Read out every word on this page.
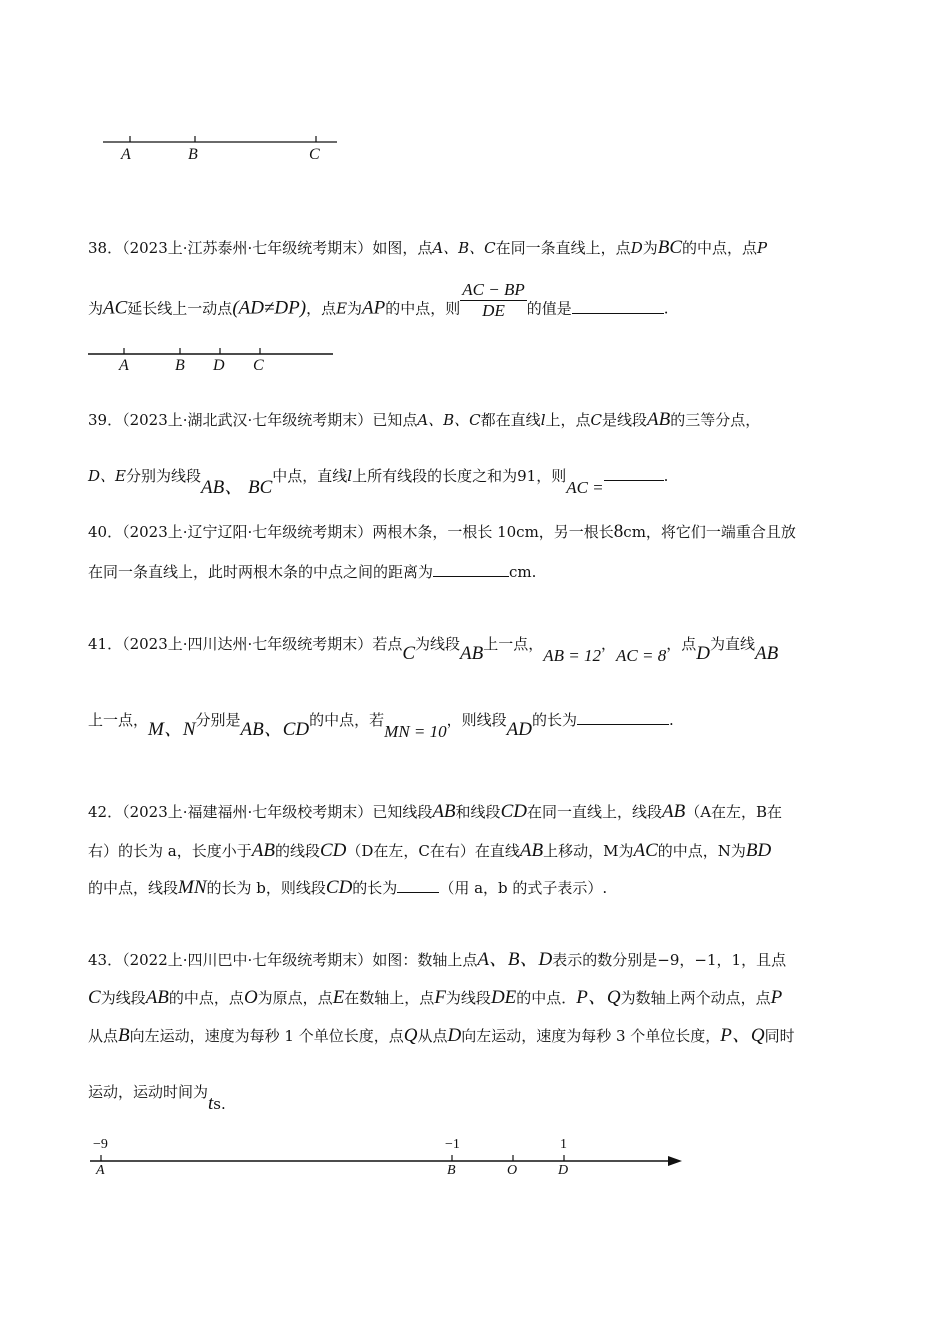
A	B	C
38．（2023上·江苏泰州·七年级统考期末）如图，点A、B、C在同一条直线上，点D为BC的中点，点P
为AC延长线上一动点(AD≠DP)，点E为AP的中点，则 $\frac{AC - BP}{DE}$ 的值是	.
A	B D C
39．（2023上·湖北武汉·七年级统考期末）已知点A、B、C都在直线l上，点C是线段AB的三等分点，
D、E分别为线段AB、 BC中点，直线l上所有线段的长度之和为91，则AC =.
40．（2023上·辽宁辽阳·七年级统考期末）两根木条，一根长 10cm，另一根长8cm，将它们一端重合且放
在同一条直线上，此时两根木条的中点之间的距离为	cm.
41．（2023上·四川达州·七年级统考期末）若点C为线段AB上一点，AB = 12，AC = 8，点D为直线AB
上一点，M、N分别是AB、CD的中点，若MN = 10，则线段AD的长为	.
42．（2023上·福建福州·七年级校考期末）已知线段AB和线段CD在同一直线上，线段AB（A在左，B在
右）的长为 a，长度小于AB的线段CD（D在左，C在右）在直线AB上移动，M为AC的中点，N为BD
的中点，线段MN的长为 b，则线段CD的长为	（用 a，b 的式子表示）.
43．（2022上·四川巴中·七年级统考期末）如图：数轴上点A、B、D表示的数分别是−9，−1，1，且点
C为线段AB的中点，点O为原点，点E在数轴上，点F为线段DE的中点．P、Q为数轴上两个动点，点P
从点B向左运动，速度为每秒 1 个单位长度，点Q从点D向左运动，速度为每秒 3 个单位长度，P、Q同时
运动，运动时间为ts.
−9	−1	1
A	B	O	D
